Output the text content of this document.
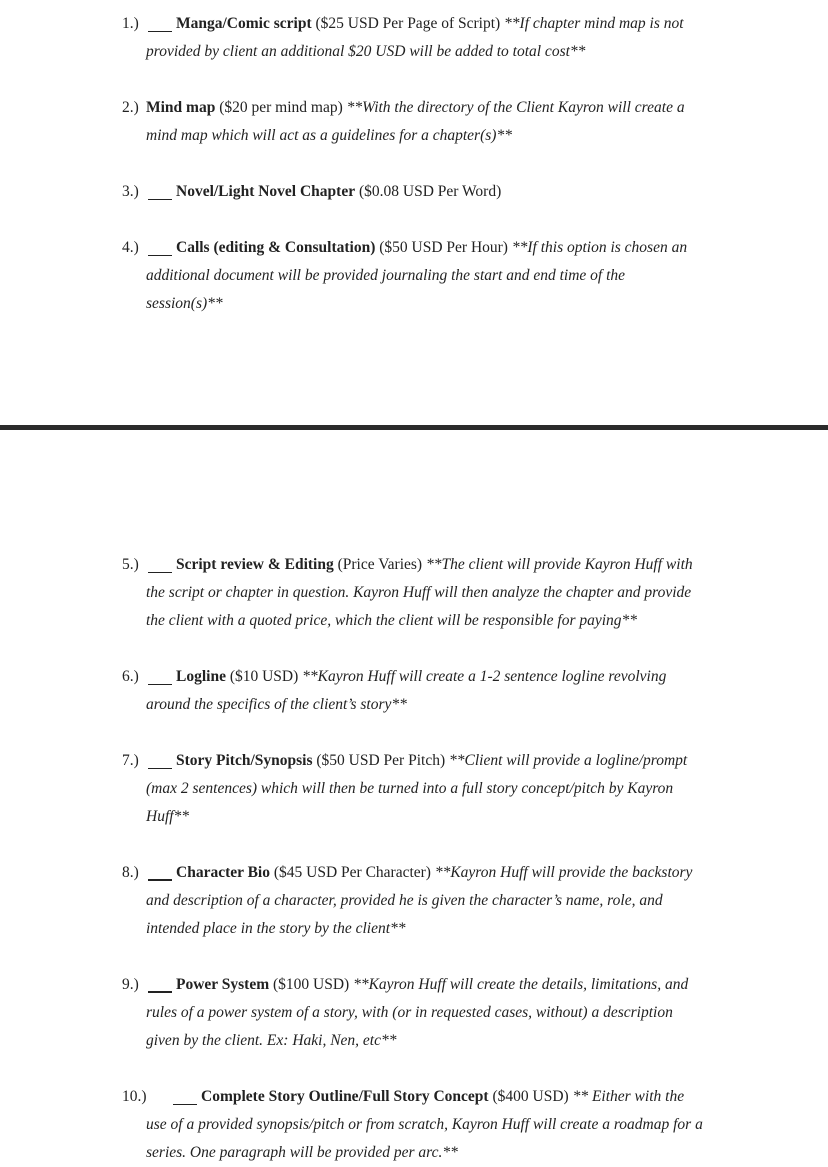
1.) Manga/Comic script ($25 USD Per Page of Script) **If chapter mind map is not
provided by client an additional $20 USD will be added to total cost**
2.) Mind map ($20 per mind map) **With the directory of the Client Kayron will create a
mind map which will act as a guidelines for a chapter(s)**
3.) Novel/Light Novel Chapter ($0.08 USD Per Word)
4.) Calls (editing & Consultation) ($50 USD Per Hour) **If this option is chosen an
additional document will be provided journaling the start and end time of the
session(s)**
5.) Script review & Editing (Price Varies) **The client will provide Kayron Huff with
the script or chapter in question. Kayron Huff will then analyze the chapter and provide
the client with a quoted price, which the client will be responsible for paying**
6.) Logline ($10 USD) **Kayron Huff will create a 1-2 sentence logline revolving
around the specifics of the client’s story**
7.) Story Pitch/Synopsis ($50 USD Per Pitch) **Client will provide a logline/prompt
(max 2 sentences) which will then be turned into a full story concept/pitch by Kayron
Huff**
8.) Character Bio ($45 USD Per Character) **Kayron Huff will provide the backstory
and description of a character, provided he is given the character’s name, role, and
intended place in the story by the client**
9.) Power System ($100 USD) **Kayron Huff will create the details, limitations, and
rules of a power system of a story, with (or in requested cases, without) a description
given by the client. Ex: Haki, Nen, etc**
10.)	Complete Story Outline/Full Story Concept ($400 USD) ** Either with the
use of a provided synopsis/pitch or from scratch, Kayron Huff will create a roadmap for a
series. One paragraph will be provided per arc.**
